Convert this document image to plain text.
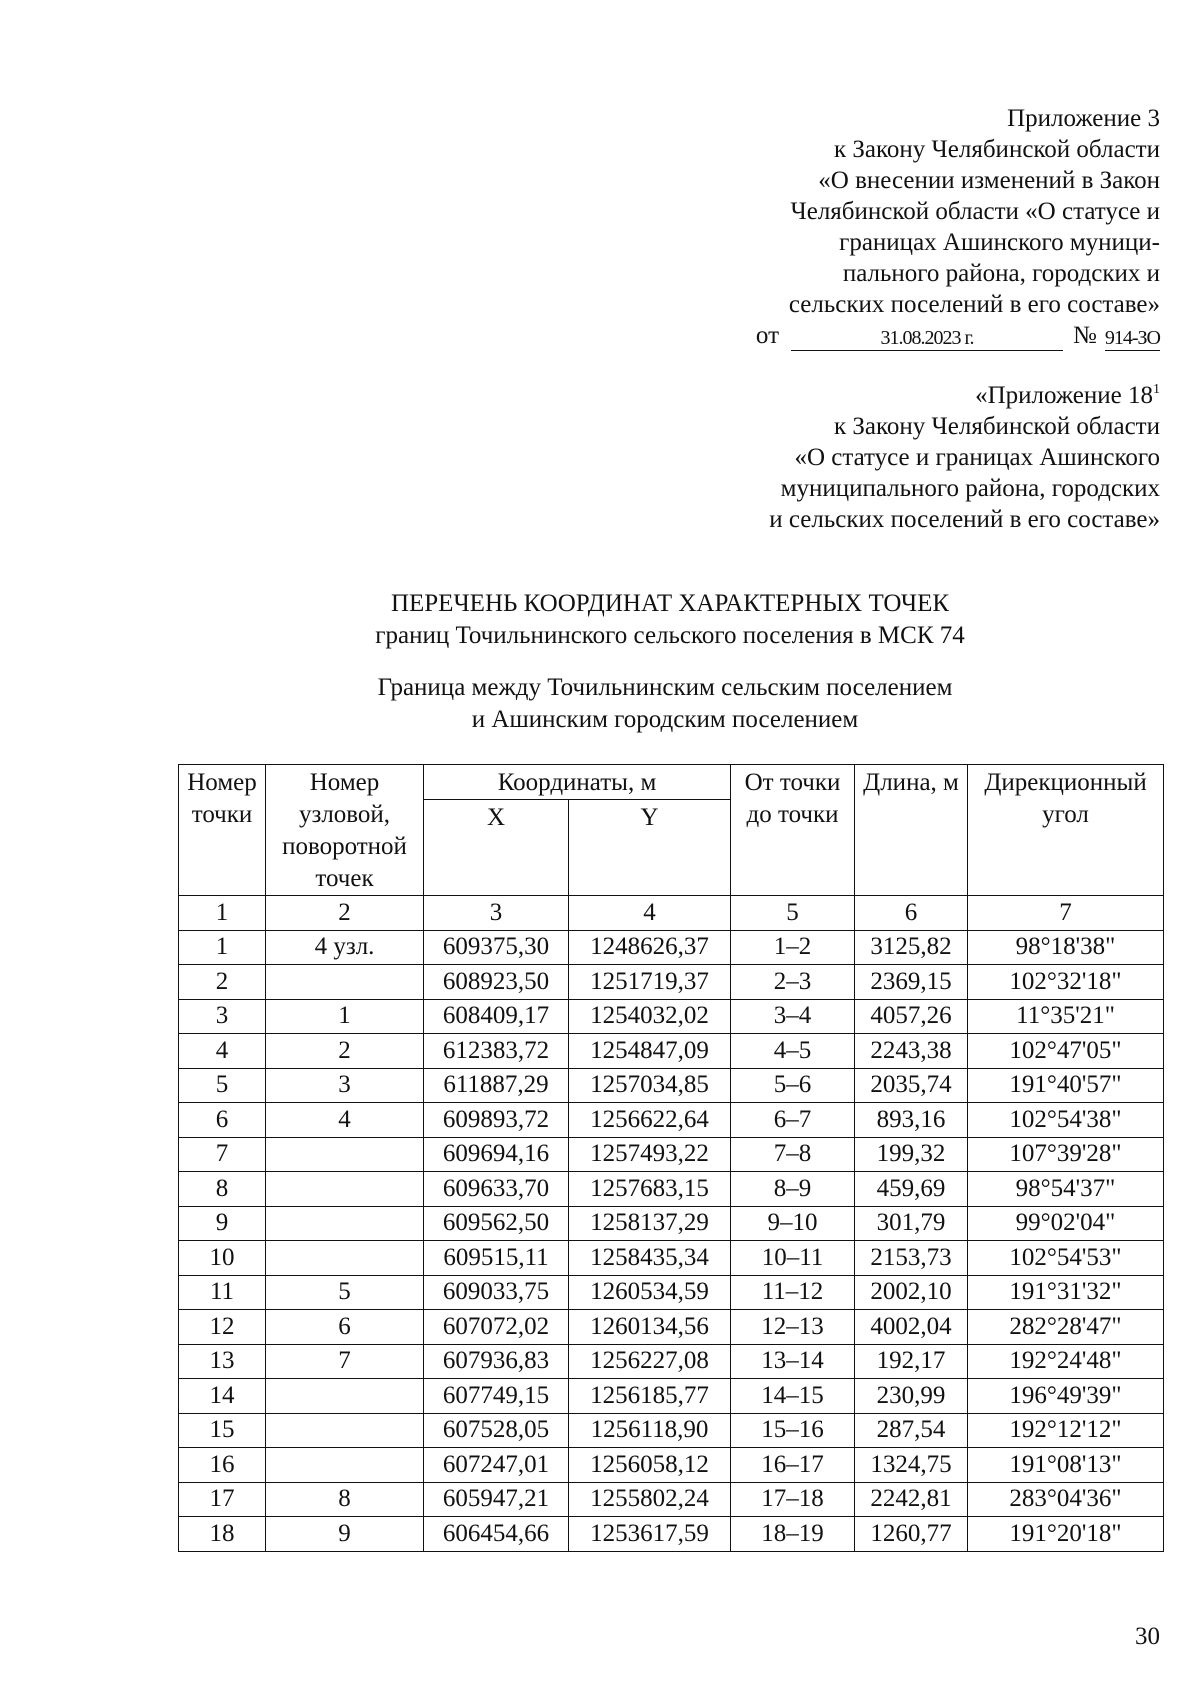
Приложение 3
к Закону Челябинской области
«О внесении изменений в Закон
Челябинской области «О статусе и
границах Ашинского муници-
пального района, городских и
сельских поселений в его составе»
от	31.08.2023 г.	№ 914-ЗО
«Приложение $18^1$
к Закону Челябинской области
«О статусе и границах Ашинского
муниципального района, городских
и сельских поселений в его составе»
ПЕРЕЧЕНЬ КООРДИНАТ ХАРАКТЕРНЫХ ТОЧЕК
границ Точильнинского сельского поселения в МСК 74
Граница между Точильнинским сельским поселением
и Ашинским городским поселением
Номер точки	Номер узловой, поворотной точек	Координаты, м		От точки до точки	Длина, м	Дирекционный угол
		X	Y			
1	2	3	4	5	6	7
1	4 узл.	609375,30	1248626,37	1–2	3125,82	98°18'38"
2		608923,50	1251719,37	2–3	2369,15	102°32'18"
3	1	608409,17	1254032,02	3–4	4057,26	11°35'21"
4	2	612383,72	1254847,09	4–5	2243,38	102°47'05"
5	3	611887,29	1257034,85	5–6	2035,74	191°40'57"
6	4	609893,72	1256622,64	6–7	893,16	102°54'38"
7		609694,16	1257493,22	7–8	199,32	107°39'28"
8		609633,70	1257683,15	8–9	459,69	98°54'37"
9		609562,50	1258137,29	9–10	301,79	99°02'04"
10		609515,11	1258435,34	10–11	2153,73	102°54'53"
11	5	609033,75	1260534,59	11–12	2002,10	191°31'32"
12	6	607072,02	1260134,56	12–13	4002,04	282°28'47"
13	7	607936,83	1256227,08	13–14	192,17	192°24'48"
14		607749,15	1256185,77	14–15	230,99	196°49'39"
15		607528,05	1256118,90	15–16	287,54	192°12'12"
16		607247,01	1256058,12	16–17	1324,75	191°08'13"
17	8	605947,21	1255802,24	17–18	2242,81	283°04'36"
18	9	606454,66	1253617,59	18–19	1260,77	191°20'18"
30
